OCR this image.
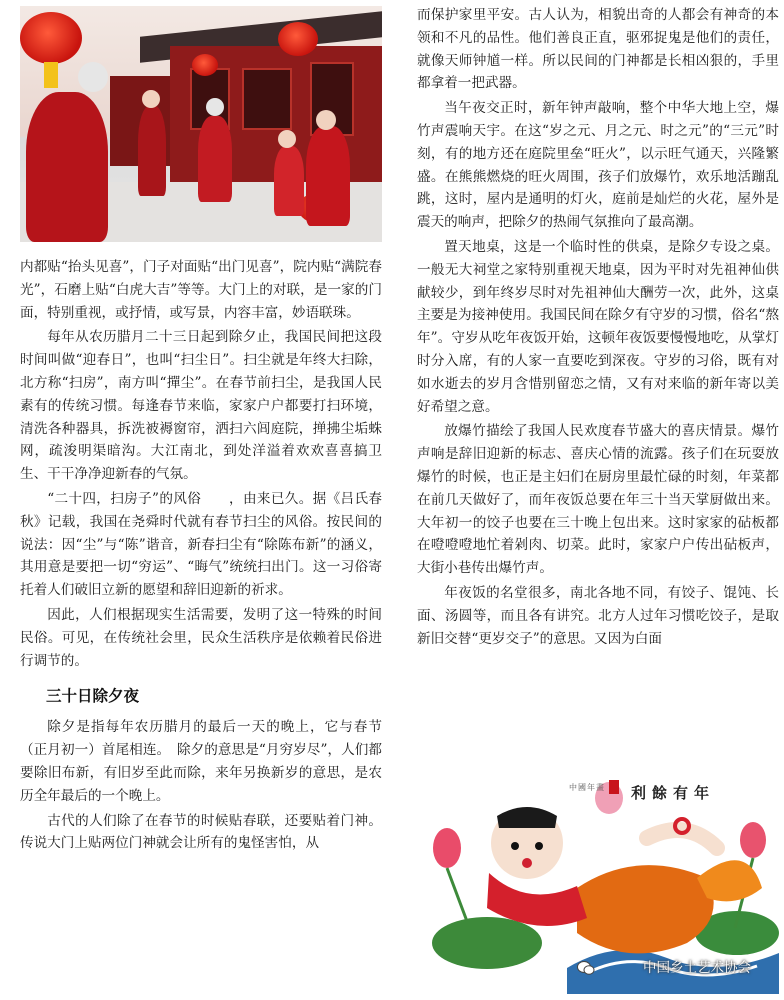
内都贴“抬头见喜”，门子对面贴“出门见喜”，院内贴“满院春光”，石磨上贴“白虎大吉”等等。大门上的对联，是一家的门面，特别重视，或抒情，或写景，内容丰富，妙语联珠。

每年从农历腊月二十三日起到除夕止，我国民间把这段时间叫做“迎春日”，也叫“扫尘日”。扫尘就是年终大扫除，北方称“扫房”，南方叫“撣尘”。在春节前扫尘，是我国人民素有的传统习惯。每逢春节来临，家家户户都要打扫环境，清洗各种器具，拆洗被褥窗帘，洒扫六闾庭院，掸拂尘垢蛛网，疏浚明渠暗沟。大江南北，到处洋溢着欢欢喜喜搞卫生、干干净净迎新春的气氛。

“二十四，扫房子”的风俗　　，由来已久。据《吕氏春秋》记载，我国在尧舜时代就有春节扫尘的风俗。按民间的说法：因“尘”与“陈”谐音，新春扫尘有“除陈布新”的涵义，其用意是要把一切“穷运”、“晦气”统统扫出门。这一习俗寄托着人们破旧立新的愿望和辞旧迎新的祈求。

因此，人们根据现实生活需要，发明了这一特殊的时间民俗。可见，在传统社会里，民众生活秩序是依赖着民俗进行调节的。

三十日除夕夜

除夕是指每年农历腊月的最后一天的晚上，它与春节（正月初一）首尾相连。　除夕的意思是“月穷岁尽”，人们都要除旧布新，有旧岁至此而除，来年另换新岁的意思，是农历全年最后的一个晚上。

古代的人们除了在春节的时候贴春联，还要贴着门神。传说大门上贴两位门神就会让所有的鬼怪害怕，从

而保护家里平安。古人认为，相貌出奇的人都会有神奇的本领和不凡的品性。他们善良正直，驱邪捉鬼是他们的责任，就像天师钟馗一样。所以民间的门神都是长相凶狠的，手里都拿着一把武器。

当午夜交正时，新年钟声敲响，整个中华大地上空，爆竹声震响天宇。在这“岁之元、月之元、时之元”的“三元”时刻，有的地方还在庭院里垒“旺火”，以示旺气通天，兴隆繁盛。在熊熊燃烧的旺火周围，孩子们放爆竹，欢乐地活蹦乱跳，这时，屋内是通明的灯火，庭前是灿烂的火花，屋外是震天的响声，把除夕的热闹气氛推向了最高潮。

置天地桌，这是一个临时性的供桌，是除夕专设之桌。一般无大祠堂之家特别重视天地桌，因为平时对先祖神仙供献较少，到年终岁尽时对先祖神仙大酬劳一次，此外，这桌主要是为接神使用。我国民间在除夕有守岁的习惯，俗名“熬年”。守岁从吃年夜饭开始，这顿年夜饭要慢慢地吃，从掌灯时分入席，有的人家一直要吃到深夜。守岁的习俗，既有对如水逝去的岁月含惜别留恋之情，又有对来临的新年寄以美好希望之意。

放爆竹描绘了我国人民欢度春节盛大的喜庆情景。爆竹声响是辞旧迎新的标志、喜庆心情的流露。孩子们在玩耍放爆竹的时候，也正是主妇们在厨房里最忙碌的时刻，年菜都在前几天做好了，而年夜饭总要在年三十当天掌厨做出来。大年初一的饺子也要在三十晚上包出来。这时家家的砧板都在噔噔噔地忙着剁肉、切菜。此时，家家户户传出砧板声，大街小巷传出爆竹声。

年夜饭的名堂很多，南北各地不同，有饺子、馄饨、长面、汤圆等，而且各有讲究。北方人过年习惯吃饺子，是取新旧交替“更岁交子”的意思。又因为白面

中國年畫 利餘有年
中国乡土艺术协会
